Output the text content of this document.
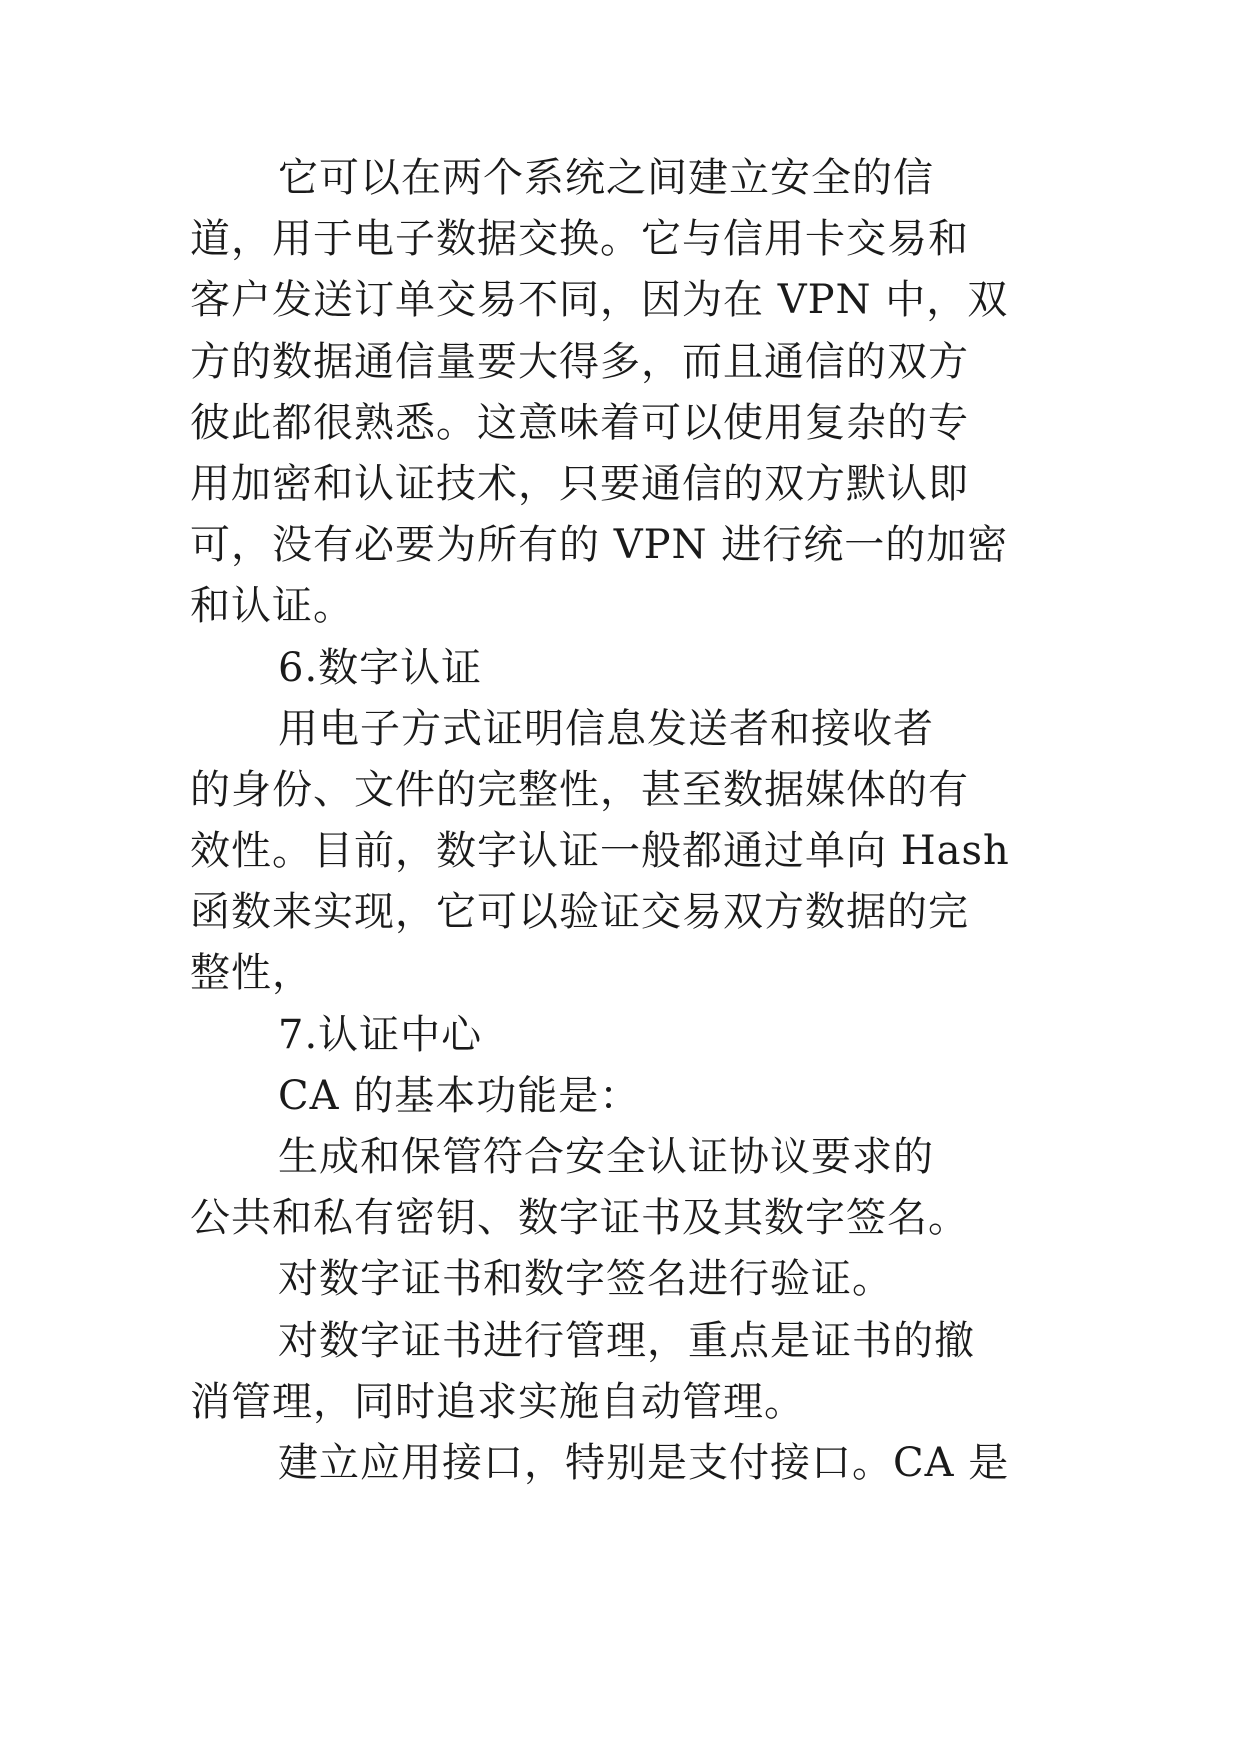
它可以在两个系统之间建立安全的信
道，用于电子数据交换。它与信用卡交易和
客户发送订单交易不同，因为在 VPN 中，双
方的数据通信量要大得多，而且通信的双方
彼此都很熟悉。这意味着可以使用复杂的专
用加密和认证技术，只要通信的双方默认即
可，没有必要为所有的 VPN 进行统一的加密
和认证。
6.数字认证
用电子方式证明信息发送者和接收者
的身份、文件的完整性，甚至数据媒体的有
效性。目前，数字认证一般都通过单向 Hash
函数来实现，它可以验证交易双方数据的完
整性，
7.认证中心
CA 的基本功能是：
生成和保管符合安全认证协议要求的
公共和私有密钥、数字证书及其数字签名。
对数字证书和数字签名进行验证。
对数字证书进行管理，重点是证书的撤
消管理，同时追求实施自动管理。
建立应用接口，特别是支付接口。CA 是
